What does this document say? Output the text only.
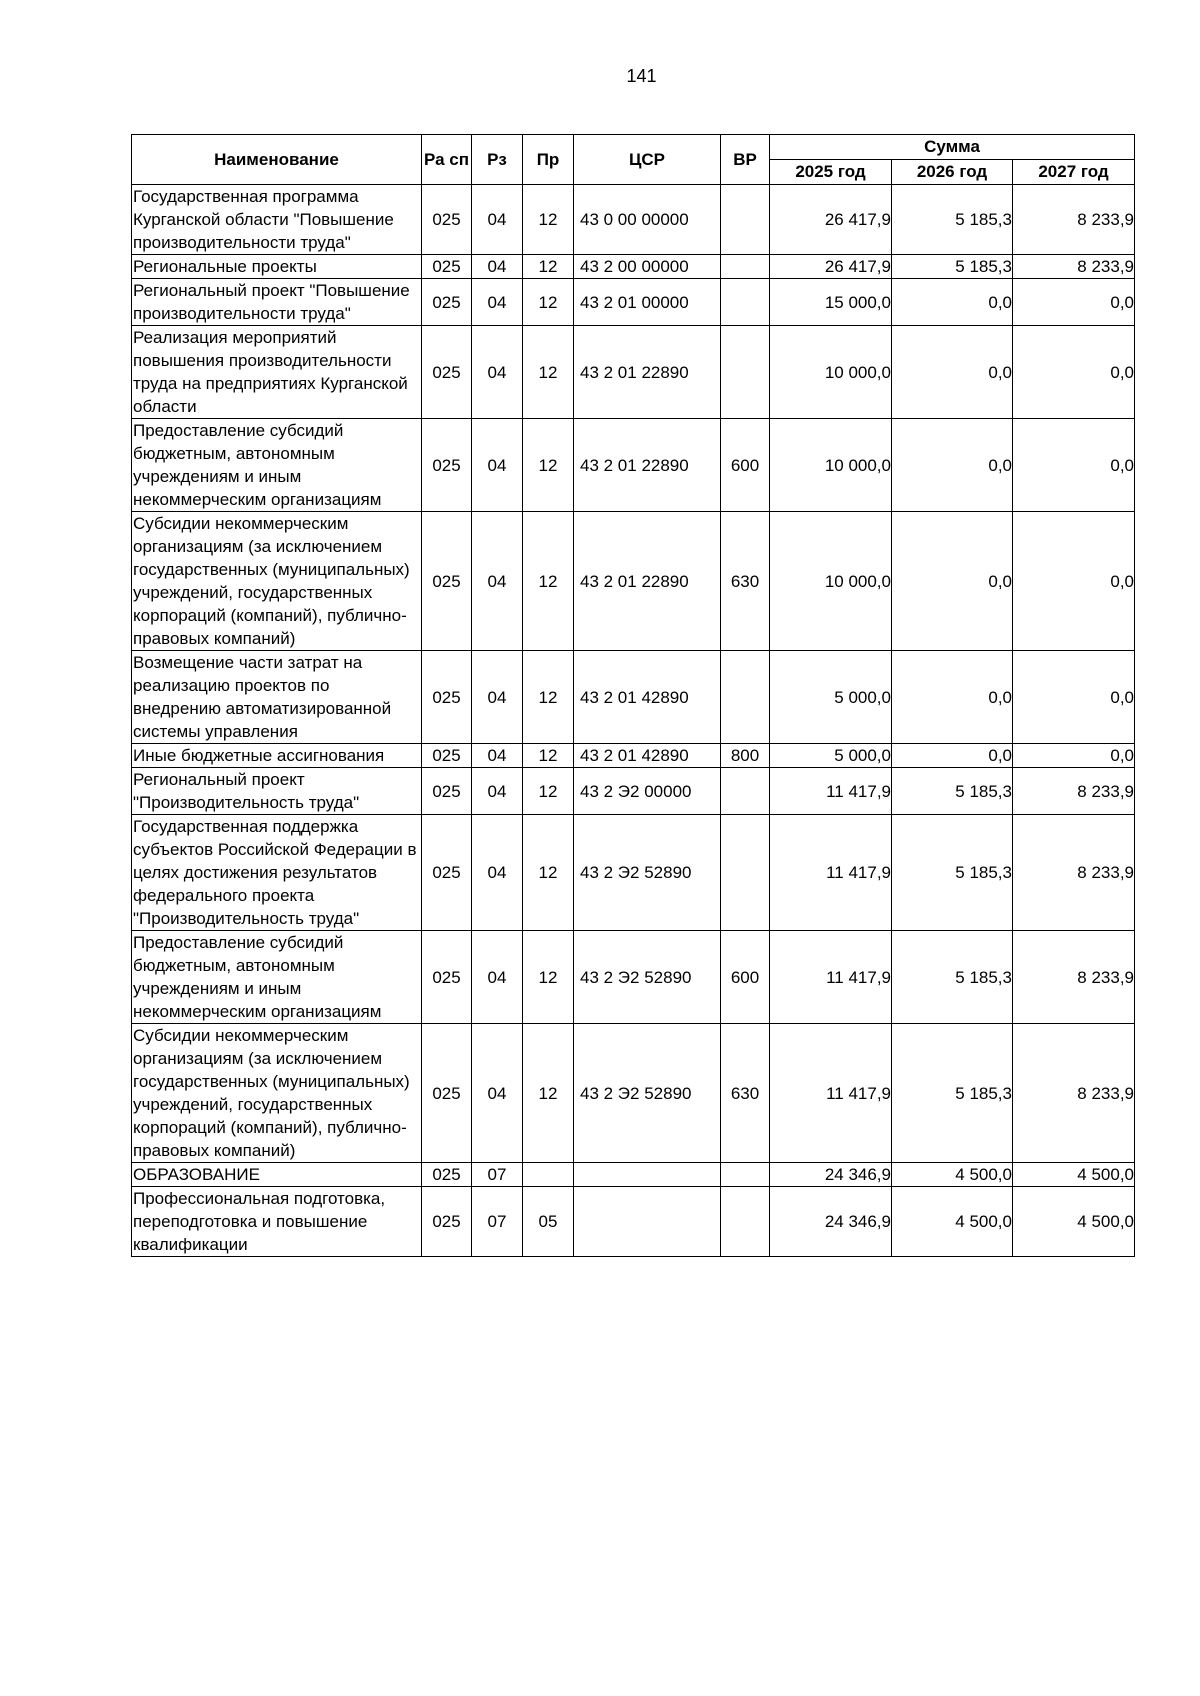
141
Наименование	Ра сп	Рз	Пр	ЦСР	ВР	Сумма		
						2025 год	2026 год	2027 год
Государственная программа Курганской области "Повышение производительности труда"	025	04	12	43 0 00 00000		26 417,9	5 185,3	8 233,9
Региональные проекты	025	04	12	43 2 00 00000		26 417,9	5 185,3	8 233,9
Региональный проект "Повышение производительности труда"	025	04	12	43 2 01 00000		15 000,0	0,0	0,0
Реализация мероприятий повышения производительности труда на предприятиях Курганской области	025	04	12	43 2 01 22890		10 000,0	0,0	0,0
Предоставление субсидий бюджетным, автономным учреждениям и иным некоммерческим организациям	025	04	12	43 2 01 22890	600	10 000,0	0,0	0,0
Субсидии некоммерческим организациям (за исключением государственных (муниципальных) учреждений, государственных корпораций (компаний), публично-правовых компаний)	025	04	12	43 2 01 22890	630	10 000,0	0,0	0,0
Возмещение части затрат на реализацию проектов по внедрению автоматизированной системы управления	025	04	12	43 2 01 42890		5 000,0	0,0	0,0
Иные бюджетные ассигнования	025	04	12	43 2 01 42890	800	5 000,0	0,0	0,0
Региональный проект "Производительность труда"	025	04	12	43 2 Э2 00000		11 417,9	5 185,3	8 233,9
Государственная поддержка субъектов Российской Федерации в целях достижения результатов федерального проекта "Производительность труда"	025	04	12	43 2 Э2 52890		11 417,9	5 185,3	8 233,9
Предоставление субсидий бюджетным, автономным учреждениям и иным некоммерческим организациям	025	04	12	43 2 Э2 52890	600	11 417,9	5 185,3	8 233,9
Субсидии некоммерческим организациям (за исключением государственных (муниципальных) учреждений, государственных корпораций (компаний), публично-правовых компаний)	025	04	12	43 2 Э2 52890	630	11 417,9	5 185,3	8 233,9
ОБРАЗОВАНИЕ	025	07				24 346,9	4 500,0	4 500,0
Профессиональная подготовка, переподготовка и повышение квалификации	025	07	05			24 346,9	4 500,0	4 500,0
